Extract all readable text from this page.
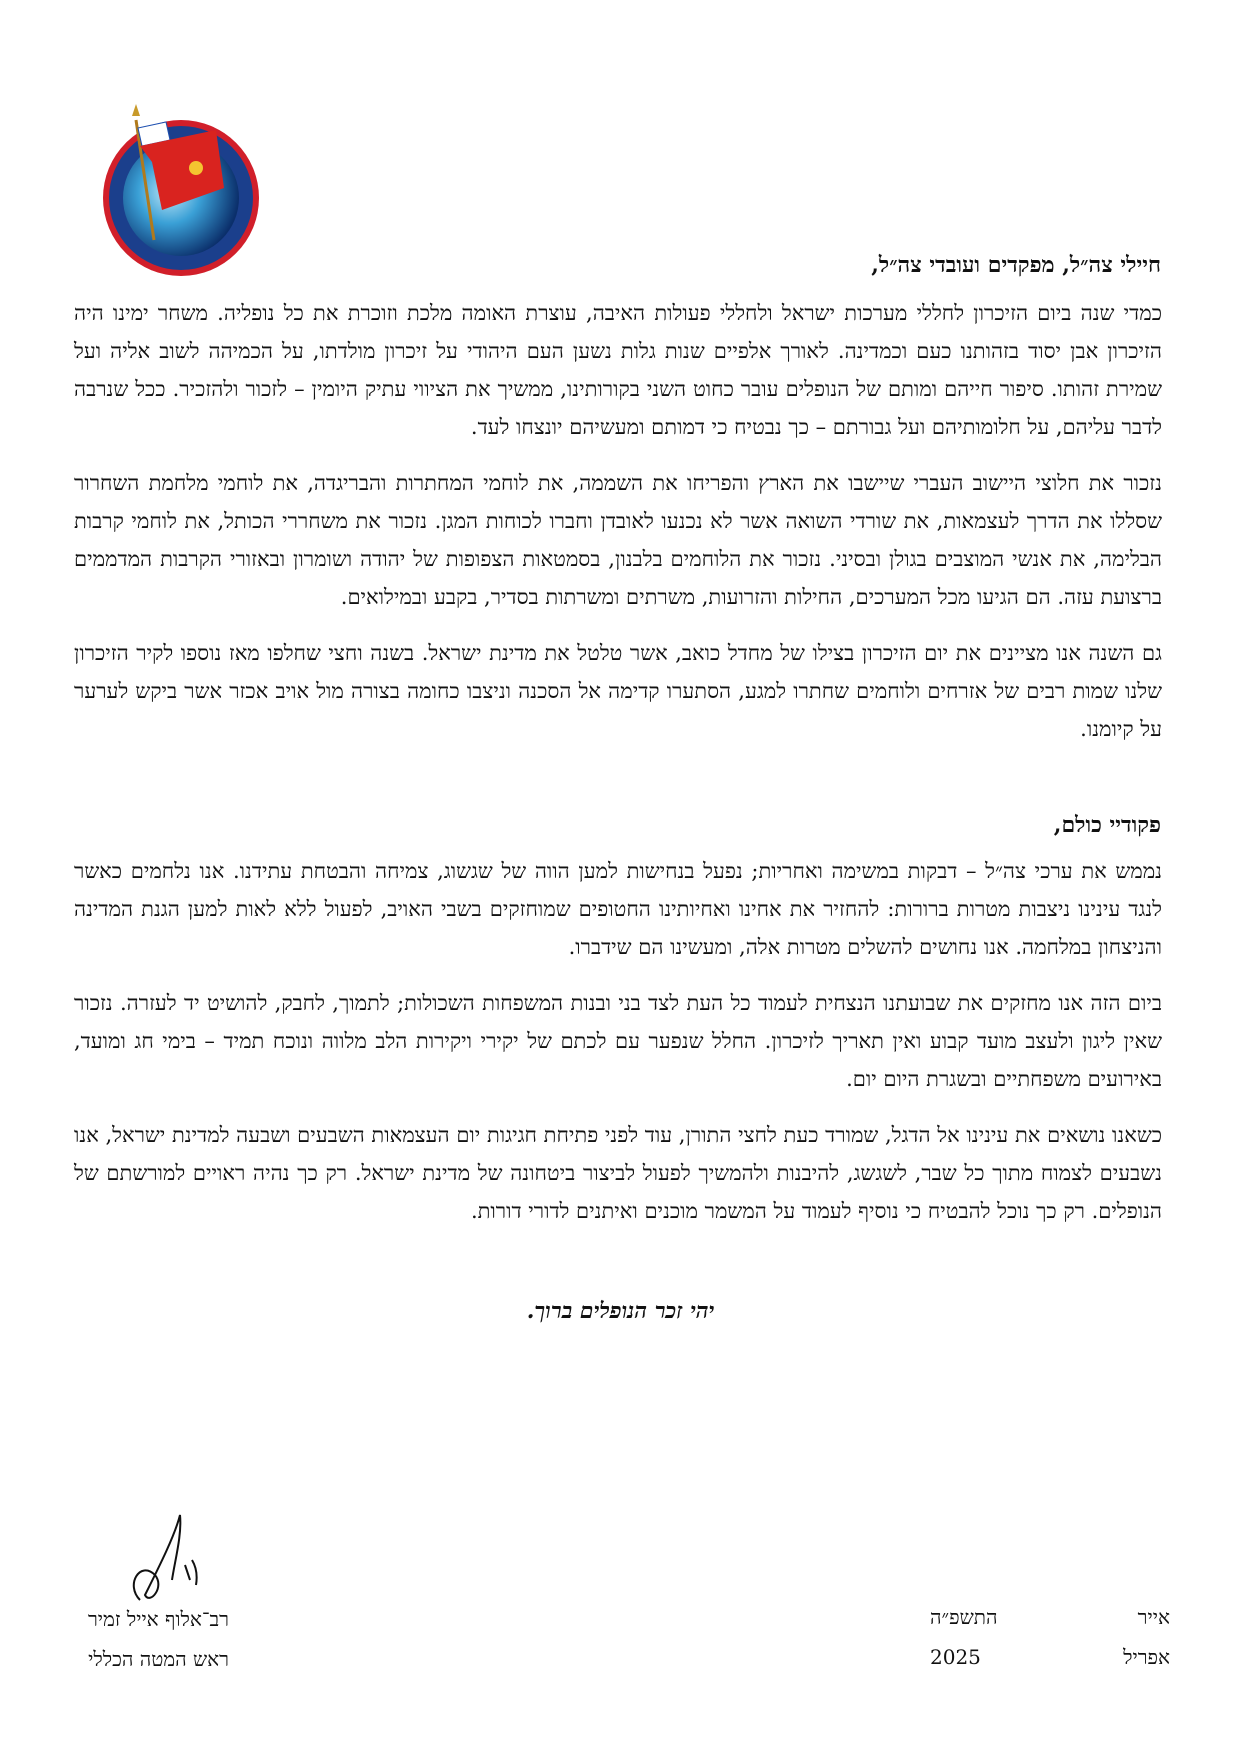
חיילי צה״ל, מפקדים ועובדי צה״ל,

כמדי שנה ביום הזיכרון לחללי מערכות ישראל ולחללי פעולות האיבה, עוצרת האומה מלכת וזוכרת את כל נופליה. משחר ימינו היה הזיכרון אבן יסוד בזהותנו כעם וכמדינה. לאורך אלפיים שנות גלות נשען העם היהודי על זיכרון מולדתו, על הכמיהה לשוב אליה ועל שמירת זהותו. סיפור חייהם ומותם של הנופלים עובר כחוט השני בקורותינו, ממשיך את הציווי עתיק היומין – לזכור ולהזכיר. ככל שנרבה לדבר עליהם, על חלומותיהם ועל גבורתם – כך נבטיח כי דמותם ומעשיהם יונצחו לעד.

נזכור את חלוצי היישוב העברי שיישבו את הארץ והפריחו את השממה, את לוחמי המחתרות והבריגדה, את לוחמי מלחמת השחרור שסללו את הדרך לעצמאות, את שורדי השואה אשר לא נכנעו לאובדן וחברו לכוחות המגן. נזכור את משחררי הכותל, את לוחמי קרבות הבלימה, את אנשי המוצבים בגולן ובסיני. נזכור את הלוחמים בלבנון, בסמטאות הצפופות של יהודה ושומרון ובאזורי הקרבות המדממים ברצועת עזה. הם הגיעו מכל המערכים, החילות והזרועות, משרתים ומשרתות בסדיר, בקבע ובמילואים.

גם השנה אנו מציינים את יום הזיכרון בצילו של מחדל כואב, אשר טלטל את מדינת ישראל. בשנה וחצי שחלפו מאז נוספו לקיר הזיכרון שלנו שמות רבים של אזרחים ולוחמים שחתרו למגע, הסתערו קדימה אל הסכנה וניצבו כחומה בצורה מול אויב אכזר אשר ביקש לערער על קיומנו.

פקודיי כולם,

נממש את ערכי צה״ל – דבקות במשימה ואחריות; נפעל בנחישות למען הווה של שגשוג, צמיחה והבטחת עתידנו. אנו נלחמים כאשר לנגד עינינו ניצבות מטרות ברורות: להחזיר את אחינו ואחיותינו החטופים שמוחזקים בשבי האויב, לפעול ללא לאות למען הגנת המדינה והניצחון במלחמה. אנו נחושים להשלים מטרות אלה, ומעשינו הם שידברו.

ביום הזה אנו מחזקים את שבועתנו הנצחית לעמוד כל העת לצד בני ובנות המשפחות השכולות; לתמוך, לחבק, להושיט יד לעזרה. נזכור שאין ליגון ולעצב מועד קבוע ואין תאריך לזיכרון. החלל שנפער עם לכתם של יקירי ויקירות הלב מלווה ונוכח תמיד – בימי חג ומועד, באירועים משפחתיים ובשגרת היום יום.

כשאנו נושאים את עינינו אל הדגל, שמורד כעת לחצי התורן, עוד לפני פתיחת חגיגות יום העצמאות השבעים ושבעה למדינת ישראל, אנו נשבעים לצמוח מתוך כל שבר, לשגשג, להיבנות ולהמשיך לפעול לביצור ביטחונה של מדינת ישראל. רק כך נהיה ראויים למורשתם של הנופלים. רק כך נוכל להבטיח כי נוסיף לעמוד על המשמר מוכנים ואיתנים לדורי דורות.

יהי זכר הנופלים ברוך.
רב־אלוף אייל זמיר
ראש המטה הכללי
אייר
התשפ״ה
אפריל
2025
